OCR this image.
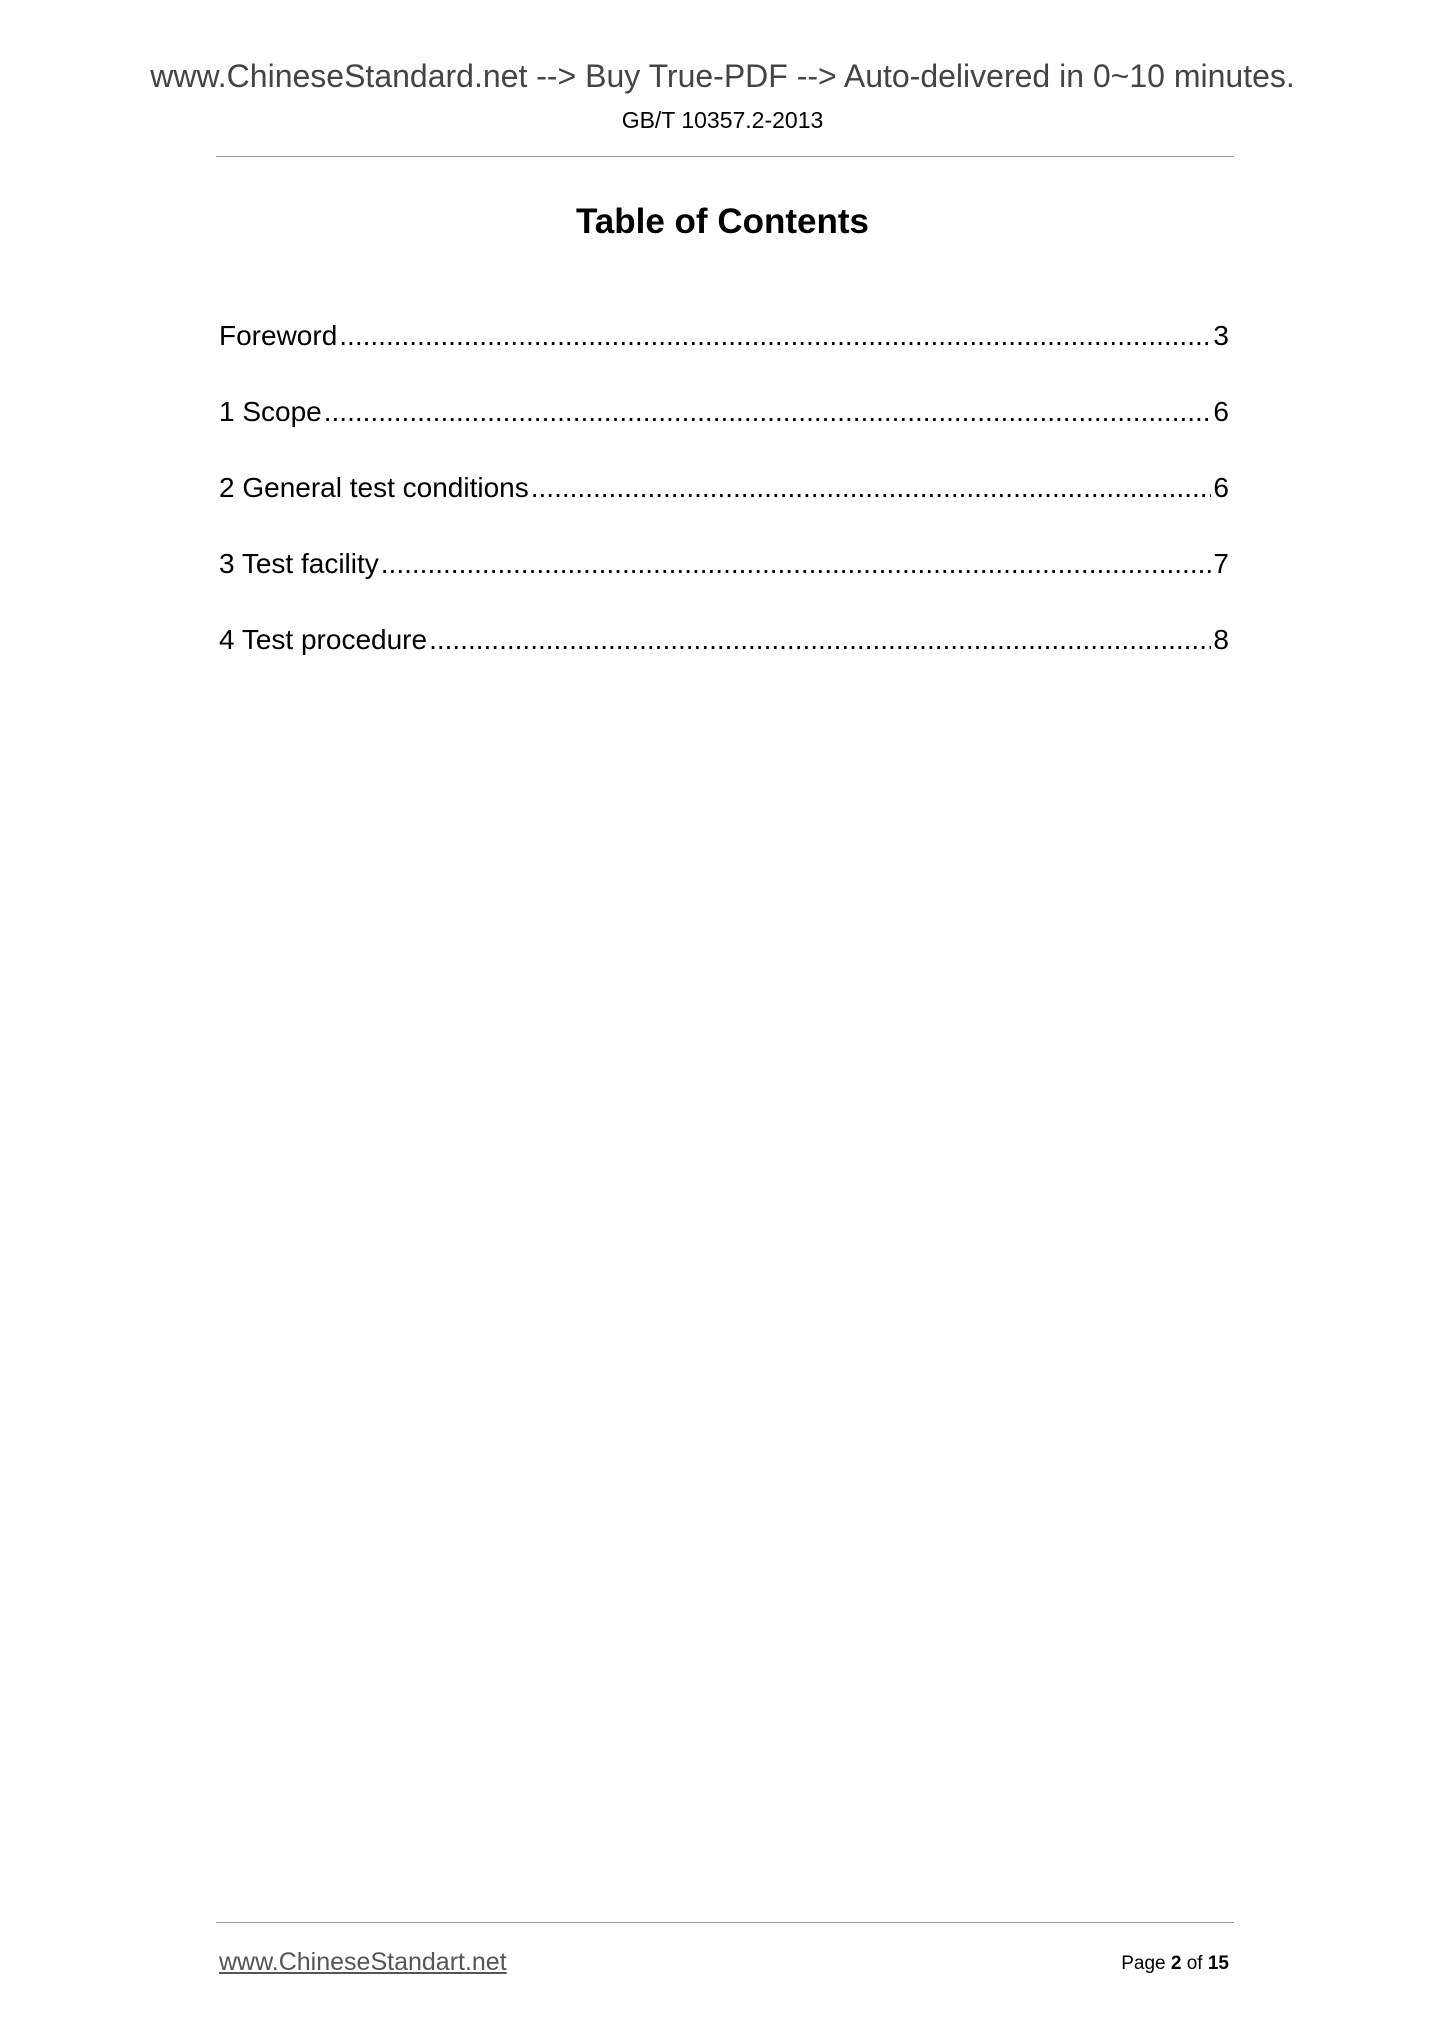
www.ChineseStandard.net --> Buy True-PDF --> Auto-delivered in 0~10 minutes.
GB/T 10357.2-2013
Table of Contents
Foreword .....	3
1 Scope .....	6
2 General test conditions .....	6
3 Test facility .....	7
4 Test procedure .....	8
www.ChineseStandart.net	Page 2 of 15
